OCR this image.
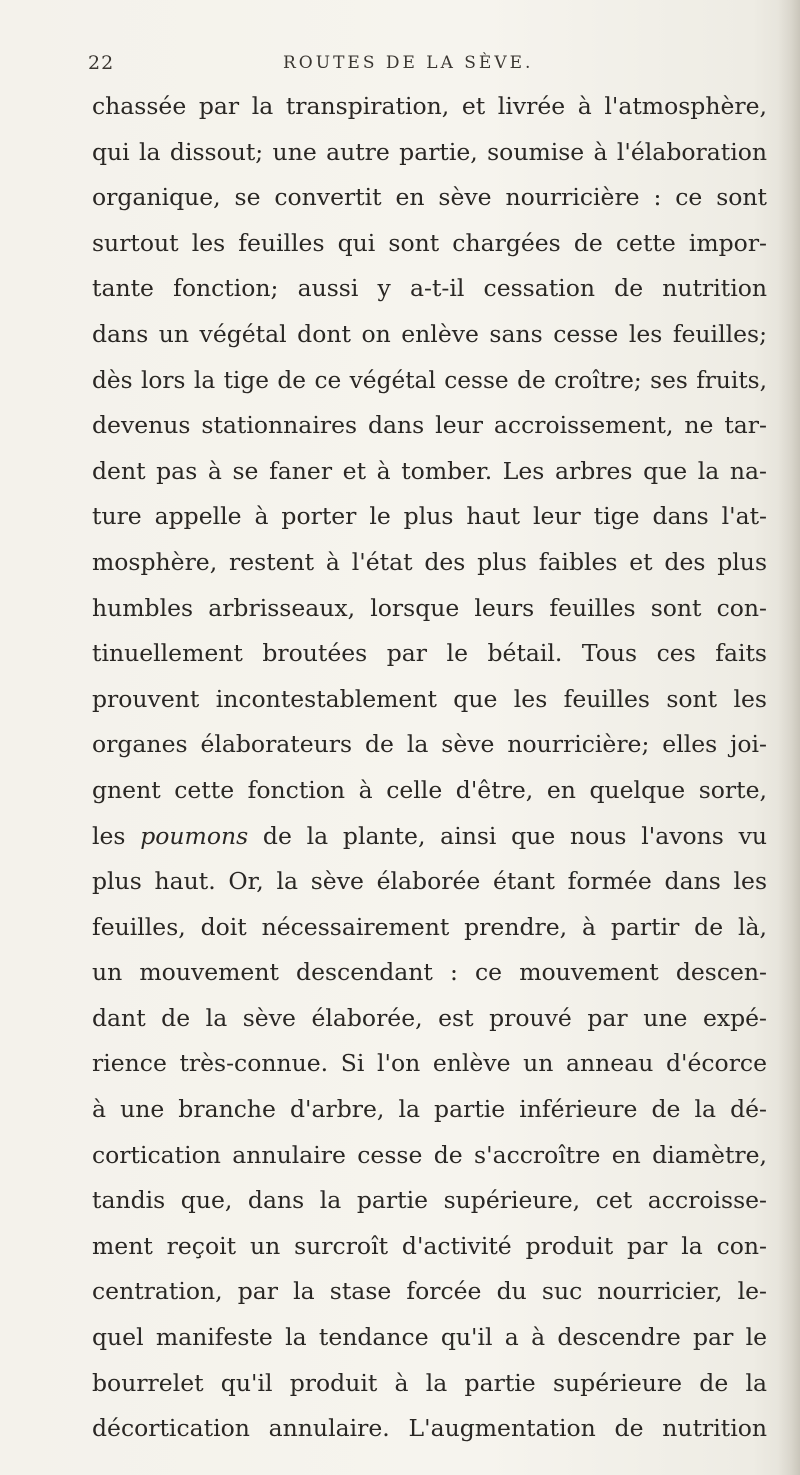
22	ROUTES DE LA SÈVE.
chassée par la transpiration, et livrée à l'atmosphère,
qui la dissout; une autre partie, soumise à l'élaboration
organique, se convertit en sève nourricière : ce sont
surtout les feuilles qui sont chargées de cette impor-
tante fonction; aussi y a-t-il cessation de nutrition
dans un végétal dont on enlève sans cesse les feuilles;
dès lors la tige de ce végétal cesse de croître; ses fruits,
devenus stationnaires dans leur accroissement, ne tar-
dent pas à se faner et à tomber. Les arbres que la na-
ture appelle à porter le plus haut leur tige dans l'at-
mosphère, restent à l'état des plus faibles et des plus
humbles arbrisseaux, lorsque leurs feuilles sont con-
tinuellement broutées par le bétail. Tous ces faits
prouvent incontestablement que les feuilles sont les
organes élaborateurs de la sève nourricière; elles joi-
gnent cette fonction à celle d'être, en quelque sorte,
les poumons de la plante, ainsi que nous l'avons vu
plus haut. Or, la sève élaborée étant formée dans les
feuilles, doit nécessairement prendre, à partir de là,
un mouvement descendant : ce mouvement descen-
dant de la sève élaborée, est prouvé par une expé-
rience très-connue. Si l'on enlève un anneau d'écorce
à une branche d'arbre, la partie inférieure de la dé-
cortication annulaire cesse de s'accroître en diamètre,
tandis que, dans la partie supérieure, cet accroisse-
ment reçoit un surcroît d'activité produit par la con-
centration, par la stase forcée du suc nourricier, le-
quel manifeste la tendance qu'il a à descendre par le
bourrelet qu'il produit à la partie supérieure de la
décortication annulaire. L'augmentation de nutrition
